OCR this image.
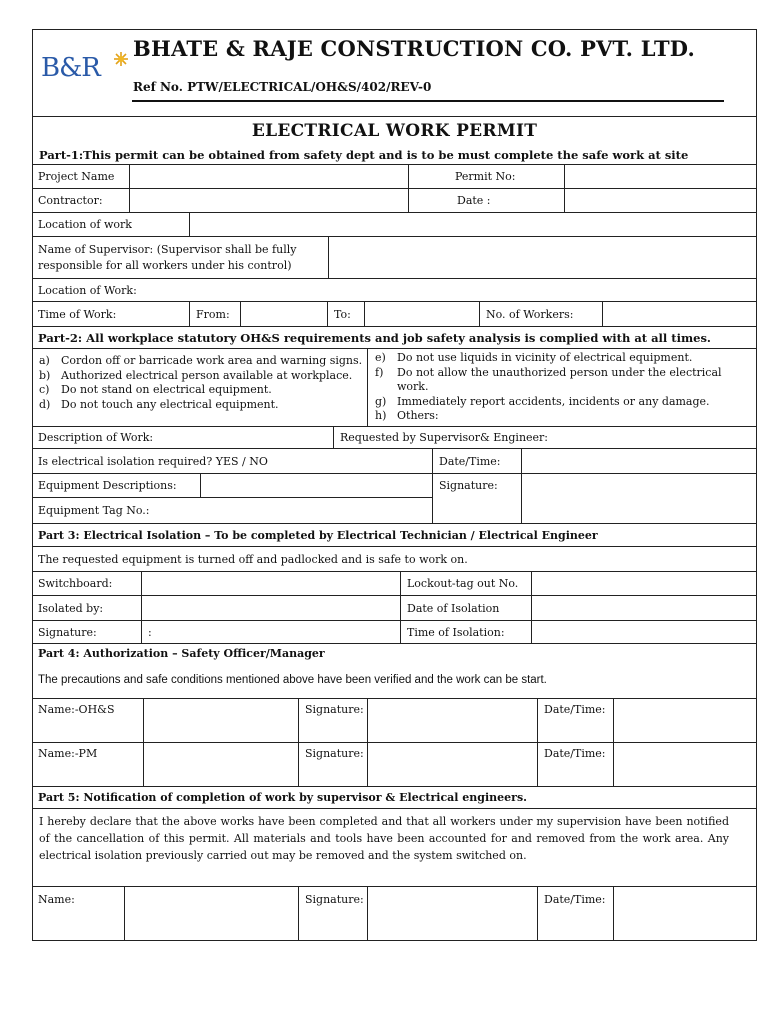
B&R
BHATE & RAJE CONSTRUCTION CO. PVT. LTD.
Ref No. PTW/ELECTRICAL/OH&S/402/REV-0
ELECTRICAL WORK PERMIT
Part-1:This permit can be obtained from safety dept and is to be must complete the safe work at site
Project Name	Permit No:
Contractor:	Date :
Location of work
Name of Supervisor: (Supervisor shall be fully
responsible for all workers under his control)
Location of Work:
Time of Work:	From:	To:	No. of Workers:
Part-2: All workplace statutory OH&S requirements and job safety analysis is complied with at all times.
a)	Cordon off or barricade work area and warning signs.
b) Authorized electrical person available at workplace.
c)	Do not stand on electrical equipment.
d) Do not touch any electrical equipment.
e)	Do not use liquids in vicinity of electrical equipment.
f)	Do not allow the unauthorized person under the electrical
work.
g) Immediately report accidents, incidents or any damage.
h) Others:
Description of Work:	Requested by Supervisor& Engineer:
Is electrical isolation required? YES / NO	Date/Time:
Signature:
Equipment Descriptions:
Equipment Tag No.:
Part 3: Electrical Isolation – To be completed by Electrical Technician / Electrical Engineer
The requested equipment is turned off and padlocked and is safe to work on.
Switchboard:	Lockout-tag out No.
Isolated by:	Date of Isolation
Signature:	:	Time of Isolation:
Part 4: Authorization – Safety Officer/Manager
The precautions and safe conditions mentioned above have been verified and the work can be start.
Name:-OH&S	Signature:	Date/Time:
Name:-PM	Signature:	Date/Time:
Part 5: Notification of completion of work by supervisor & Electrical engineers.
I hereby declare that the above works have been completed and that all workers under my supervision have been notified of the cancellation of this permit. All materials and tools have been accounted for and removed from the work area. Any electrical isolation previously carried out may be removed and the system switched on.
Name:	Signature:	Date/Time:
